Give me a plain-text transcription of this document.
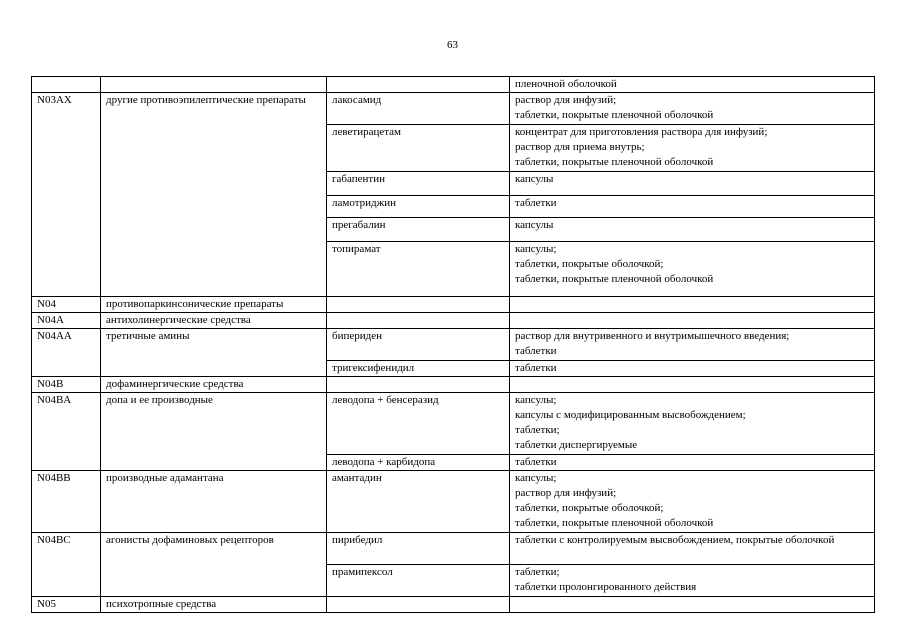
63

			пленочной оболочкой

N03AX	другие противоэпилептические препараты	лакосамид	раствор для инфузий;
таблетки, покрытые пленочной оболочкой

		леветирацетам	концентрат для приготовления раствора для инфузий;
раствор для приема внутрь;
таблетки, покрытые пленочной оболочкой

		габапентин	капсулы

		ламотриджин	таблетки

		прегабалин	капсулы

		топирамат	капсулы;
таблетки, покрытые оболочкой;
таблетки, покрытые пленочной оболочкой

N04	противопаркинсонические препараты		
N04A	антихолинергические средства		
N04AA	третичные амины	бипериден	раствор для внутривенного и внутримышечного введения;
таблетки

		тригексифенидил	таблетки

N04B	дофаминергические средства		
N04BA	допа и ее производные	леводопа + бенсеразид	капсулы;
капсулы с модифицированным высвобождением;
таблетки;
таблетки диспергируемые

		леводопа + карбидопа	таблетки

N04BB	производные адамантана	амантадин	капсулы;
раствор для инфузий;
таблетки, покрытые оболочкой;
таблетки, покрытые пленочной оболочкой

N04BC	агонисты дофаминовых рецепторов	пирибедил	таблетки с контролируемым высвобождением, покрытые оболочкой

		прамипексол	таблетки;
таблетки пролонгированного действия

N05	психотропные средства		
